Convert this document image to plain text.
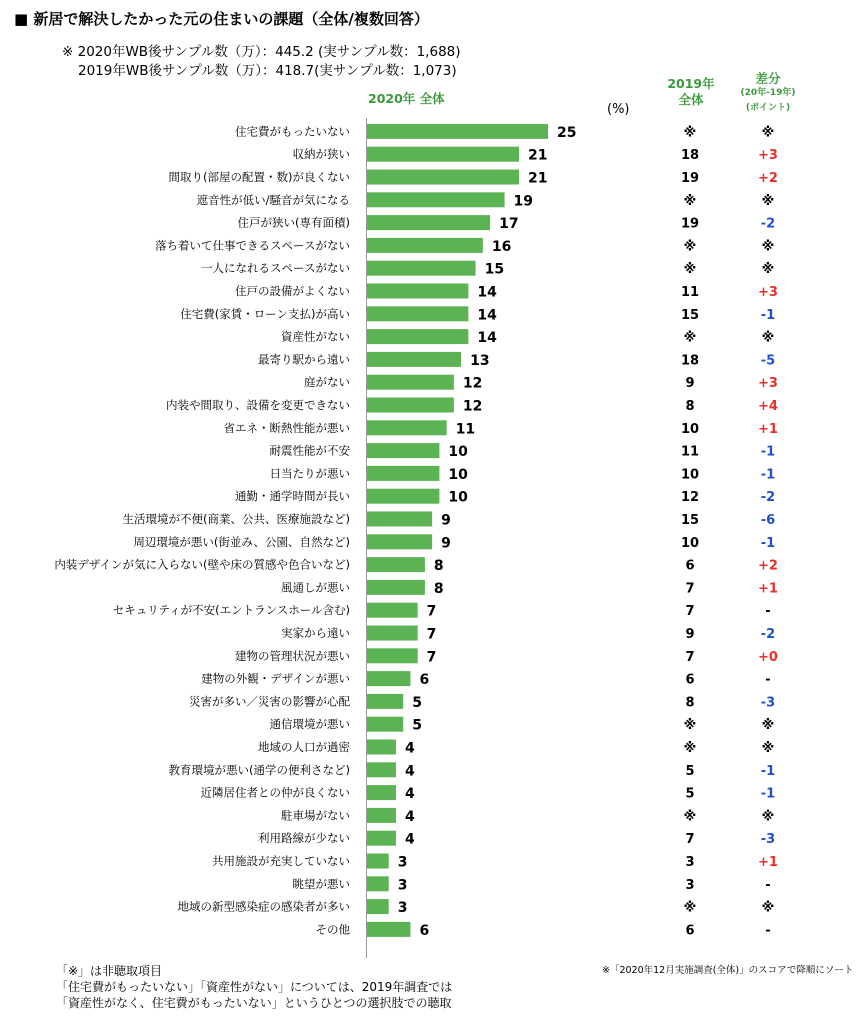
■ 新居で解決したかった元の住まいの課題（全体/複数回答）
※ 2020年WB後サンプル数（万）：445.2 (実サンプル数：1,688)
2019年WB後サンプル数（万）：418.7(実サンプル数：1,073)
2020年 全体
(%)
2019年
全体
差分
(20年-19年)
(ポイント)
住宅費がもったいない	25	※	※
収納が狭い	21	18	+3
間取り(部屋の配置・数)が良くない	21	19	+2
遮音性が低い/騒音が気になる	19	※	※
住戸が狭い(専有面積)	17	19	-2
落ち着いて仕事できるスペースがない	16	※	※
一人になれるスペースがない	15	※	※
住戸の設備がよくない	14	11	+3
住宅費(家賃・ローン支払)が高い	14	15	-1
資産性がない	14	※	※
最寄り駅から遠い	13	18	-5
庭がない	12	9	+3
内装や間取り、設備を変更できない	12	8	+4
省エネ・断熱性能が悪い	11	10	+1
耐震性能が不安	10	11	-1
日当たりが悪い	10	10	-1
通勤・通学時間が長い	10	12	-2
生活環境が不便(商業、公共、医療施設など)	9	15	-6
周辺環境が悪い(街並み、公園、自然など)	9	10	-1
内装デザインが気に入らない(壁や床の質感や色合いなど)	8	6	+2
風通しが悪い	8	7	+1
セキュリティが不安(エントランスホール含む)	7	7	-
実家から遠い	7	9	-2
建物の管理状況が悪い	7	7	+0
建物の外観・デザインが悪い	6	6	-
災害が多い／災害の影響が心配	5	8	-3
通信環境が悪い	5	※	※
地域の人口が過密	4	※	※
教育環境が悪い(通学の便利さなど)	4	5	-1
近隣居住者との仲が良くない	4	5	-1
駐車場がない	4	※	※
利用路線が少ない	4	7	-3
共用施設が充実していない	3	3	+1
眺望が悪い	3	3	-
地域の新型感染症の感染者が多い	3	※	※
その他	6	6	-
「※」は非聴取項目
「住宅費がもったいない」「資産性がない」については、2019年調査では
「資産性がなく、住宅費がもったいない」というひとつの選択肢での聴取
※「2020年12月実施調査(全体)」のスコアで降順にソート
